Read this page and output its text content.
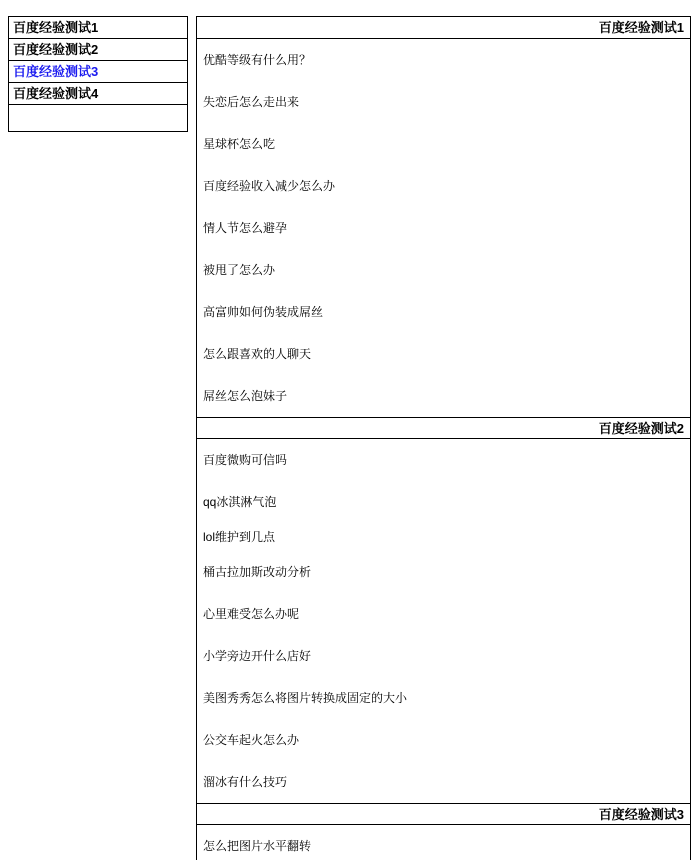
百度经验测试1
百度经验测试2
百度经验测试3
百度经验测试4
百度经验测试1
优酷等级有什么用？
失恋后怎么走出来
星球杯怎么吃
百度经验收入减少怎么办
情人节怎么避孕
被甩了怎么办
高富帅如何伪装成屌丝
怎么跟喜欢的人聊天
屌丝怎么泡妹子
百度经验测试2
百度微购可信吗
qq冰淇淋气泡
lol维护到几点
桶古拉加斯改动分析
心里难受怎么办呢
小学旁边开什么店好
美图秀秀怎么将图片转换成固定的大小
公交车起火怎么办
溜冰有什么技巧
百度经验测试3
怎么把图片水平翻转
